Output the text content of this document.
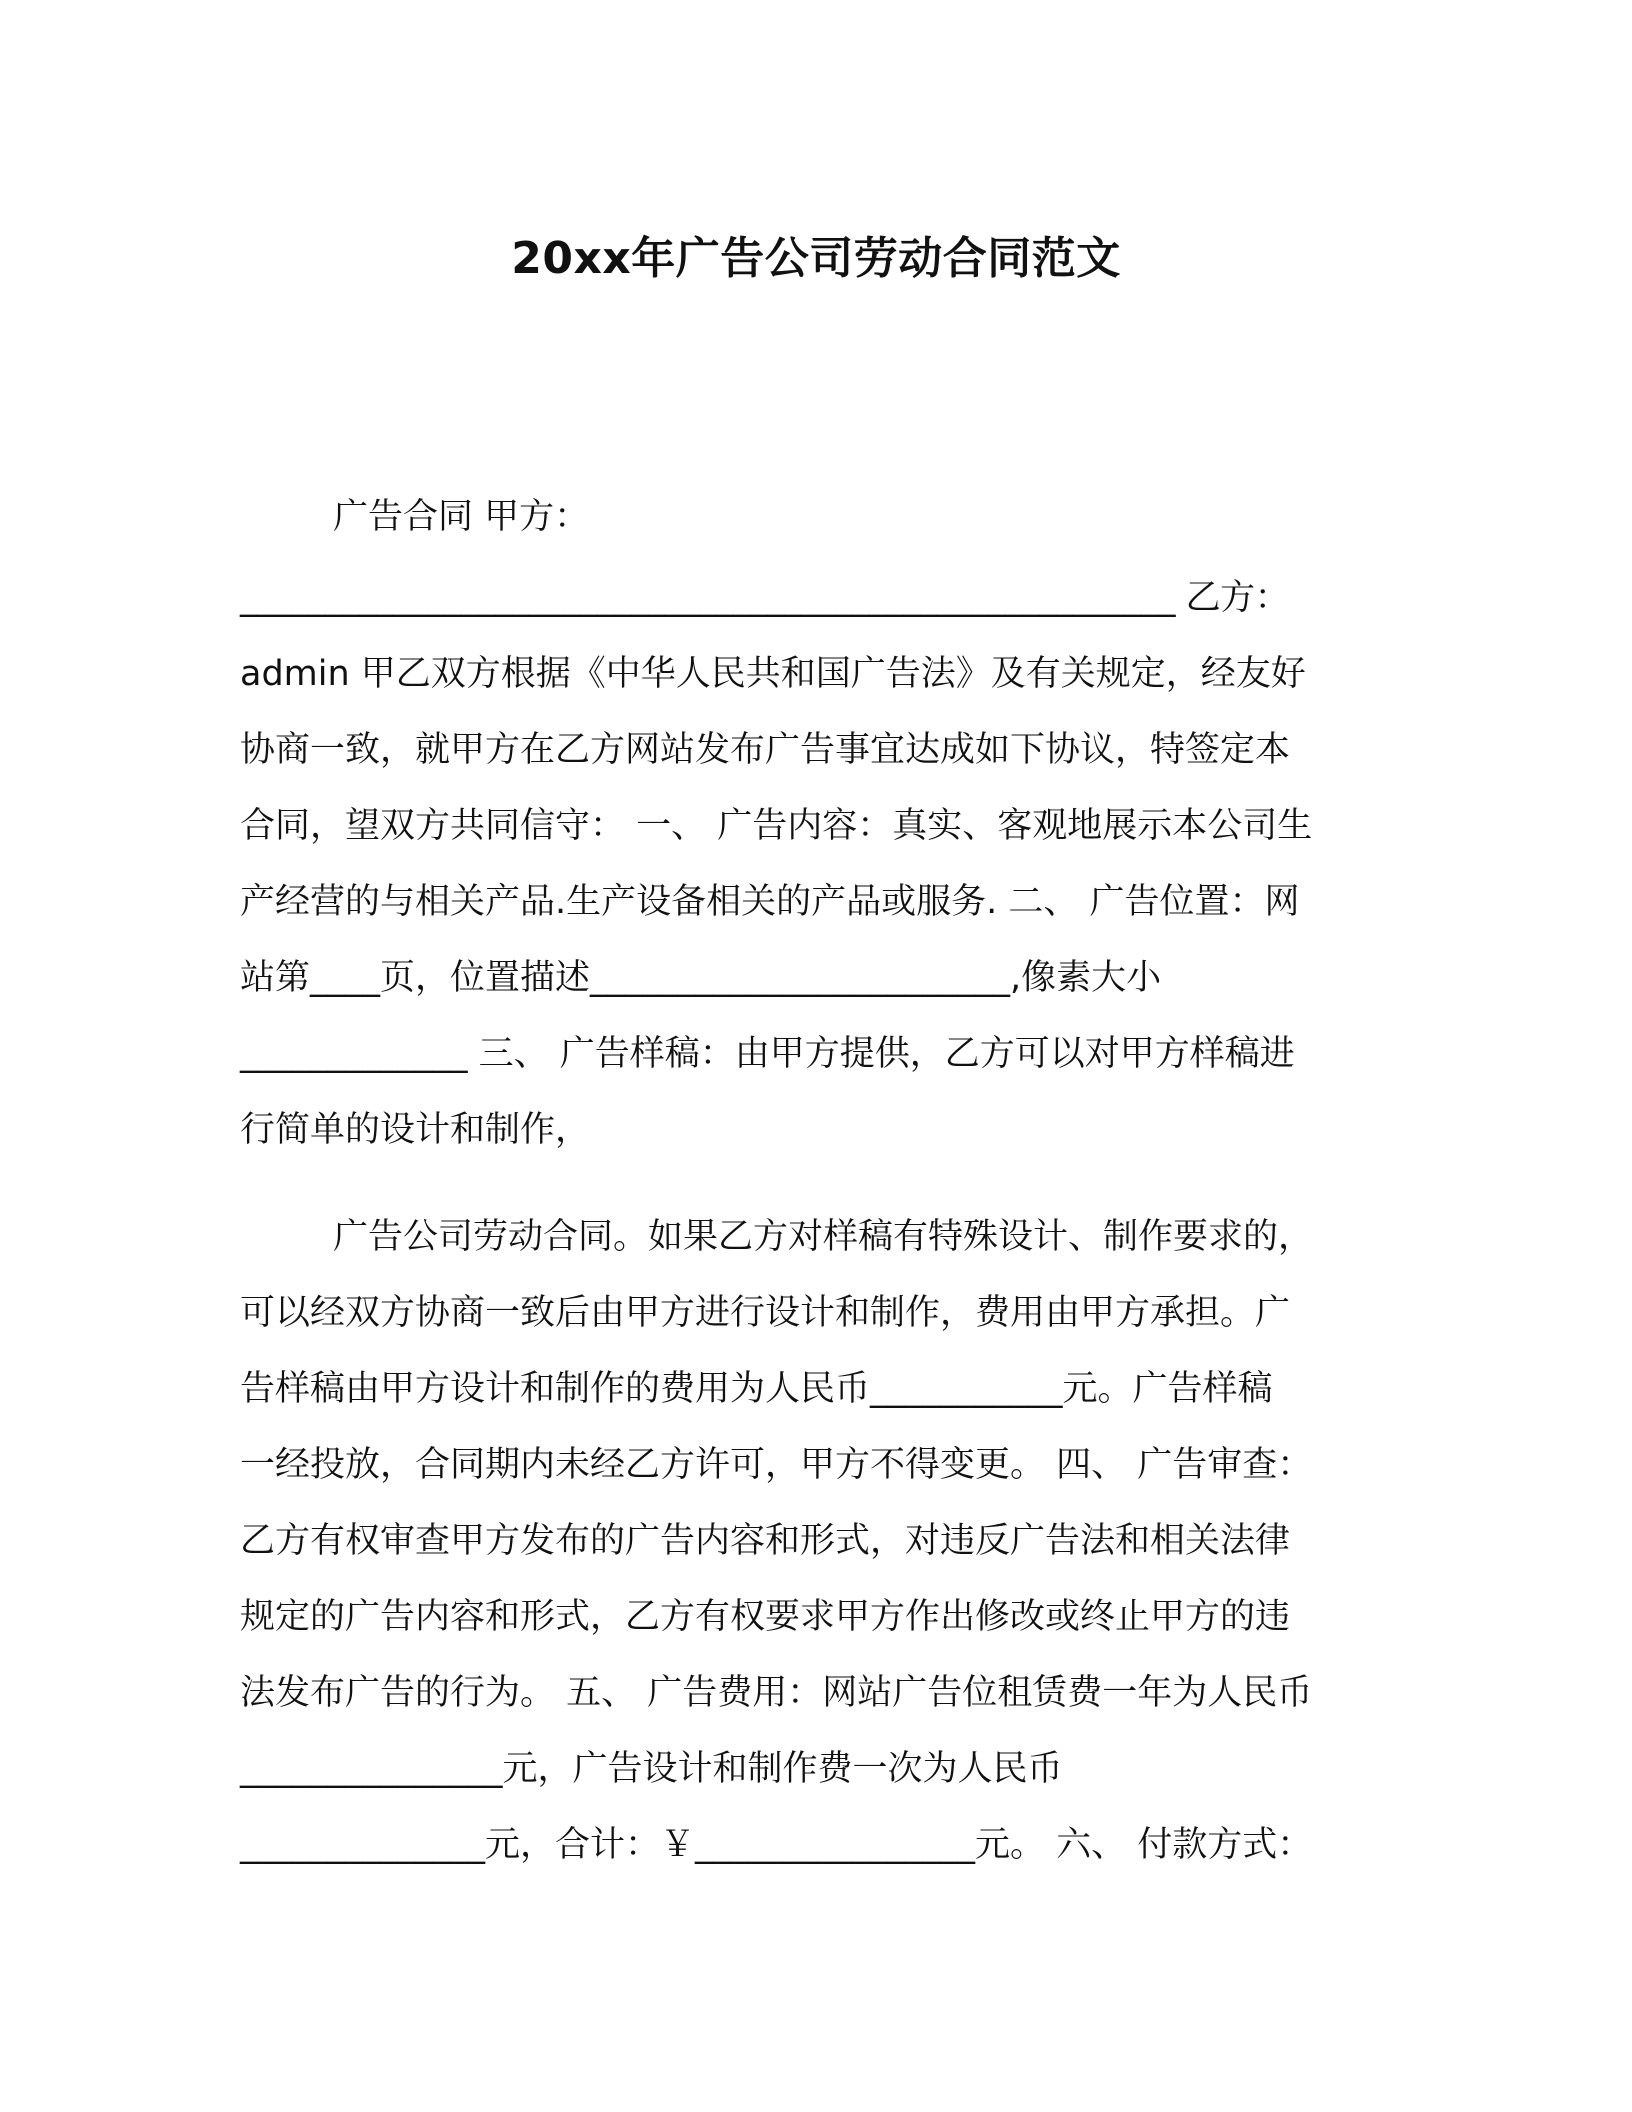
20xx年广告公司劳动合同范文
广告合同 甲方：
_______________________________________________________ 乙方：
admin 甲乙双方根据《中华人民共和国广告法》及有关规定，经友好
协商一致，就甲方在乙方网站发布广告事宜达成如下协议，特签定本
合同，望双方共同信守： 一、 广告内容：真实、客观地展示本公司生
产经营的与相关产品.生产设备相关的产品或服务. 二、 广告位置：网
站第____页，位置描述________________________,像素大小
_____________ 三、 广告样稿：由甲方提供，乙方可以对甲方样稿进
行简单的设计和制作，
广告公司劳动合同。如果乙方对样稿有特殊设计、制作要求的，
可以经双方协商一致后由甲方进行设计和制作，费用由甲方承担。广
告样稿由甲方设计和制作的费用为人民币___________元。广告样稿
一经投放，合同期内未经乙方许可，甲方不得变更。 四、 广告审查：
乙方有权审查甲方发布的广告内容和形式，对违反广告法和相关法律
规定的广告内容和形式，乙方有权要求甲方作出修改或终止甲方的违
法发布广告的行为。 五、 广告费用：网站广告位租赁费一年为人民币
_______________元，广告设计和制作费一次为人民币
______________元，合计：￥________________元。 六、 付款方式：
